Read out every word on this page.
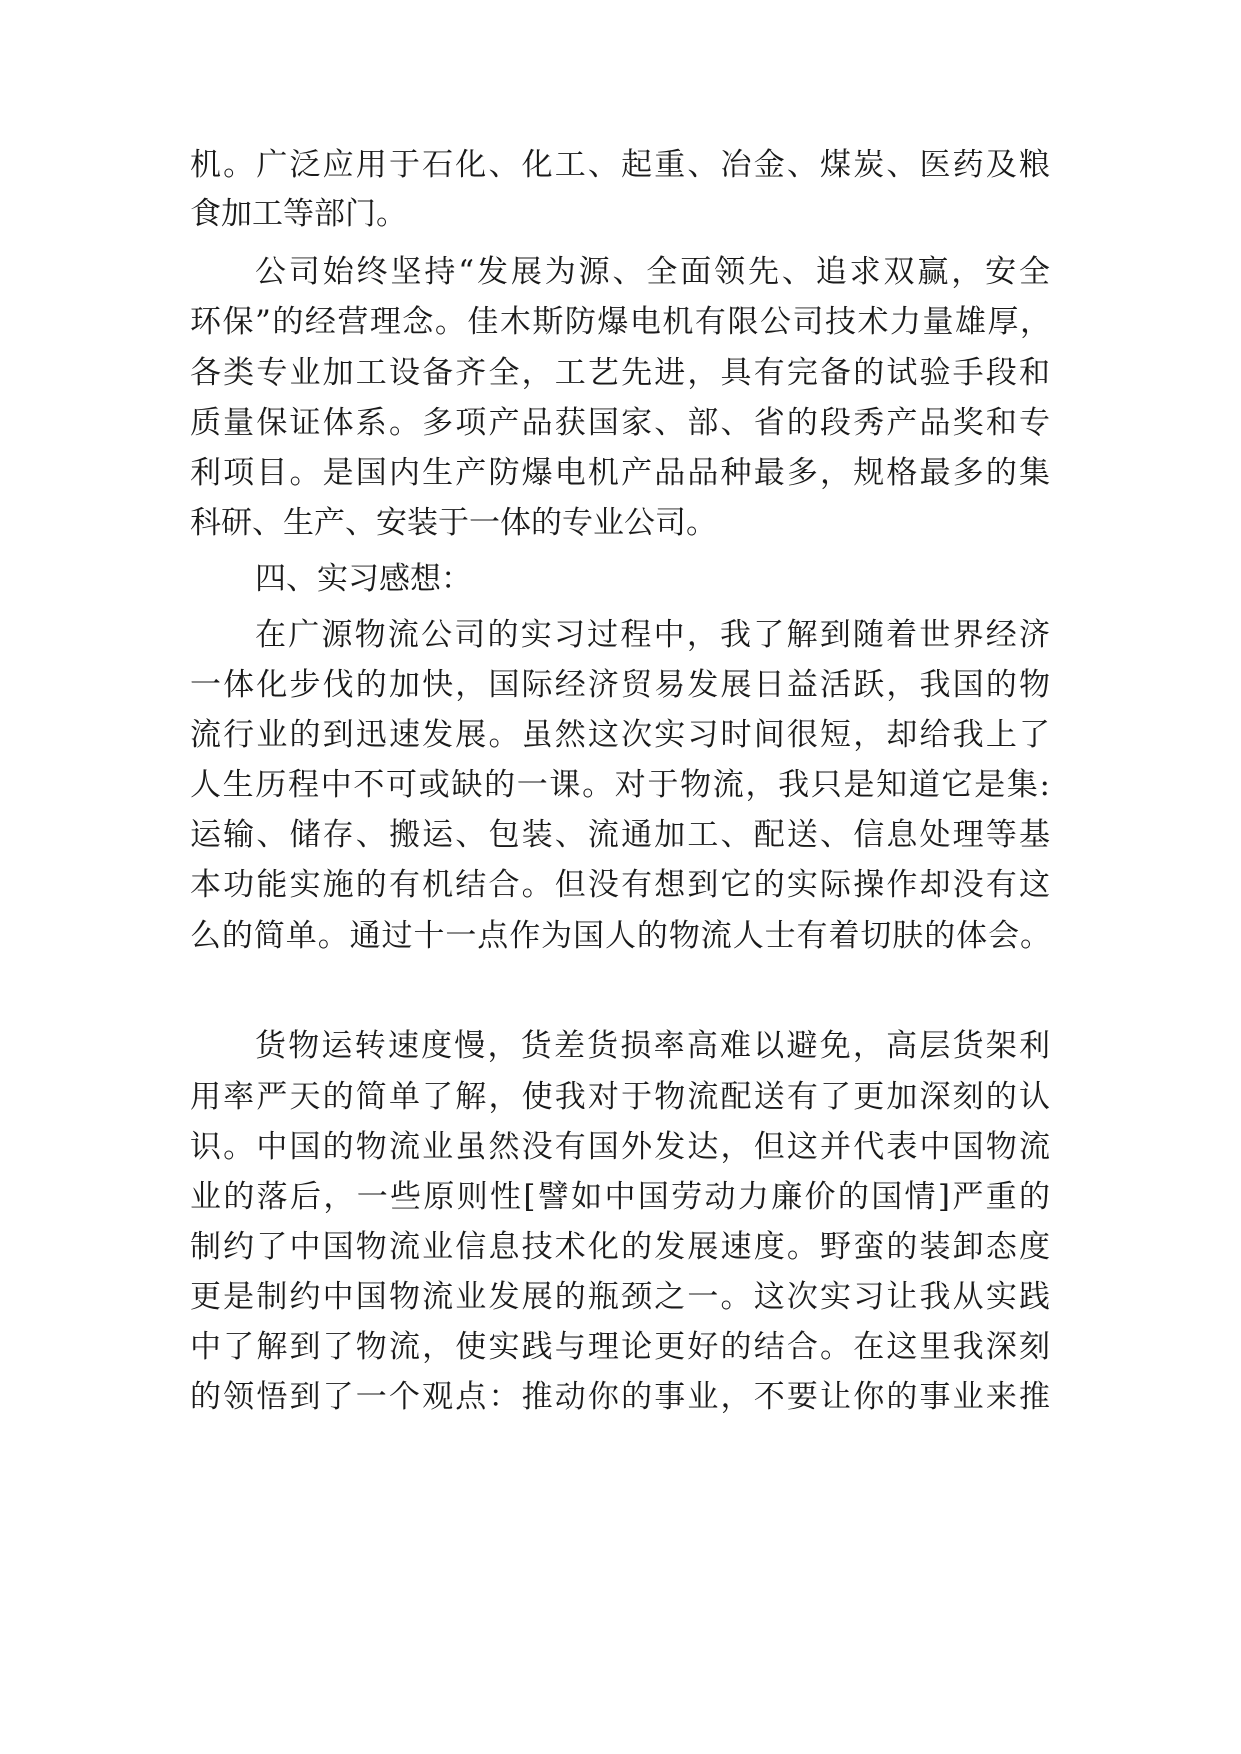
机。广泛应用于石化、化工、起重、冶金、煤炭、医药及粮
食加工等部门。
公司始终坚持“发展为源、全面领先、追求双赢，安全
环保”的经营理念。佳木斯防爆电机有限公司技术力量雄厚，
各类专业加工设备齐全，工艺先进，具有完备的试验手段和
质量保证体系。多项产品获国家、部、省的段秀产品奖和专
利项目。是国内生产防爆电机产品品种最多，规格最多的集
科研、生产、安装于一体的专业公司。
四、实习感想：
在广源物流公司的实习过程中，我了解到随着世界经济
一体化步伐的加快，国际经济贸易发展日益活跃，我国的物
流行业的到迅速发展。虽然这次实习时间很短，却给我上了
人生历程中不可或缺的一课。对于物流，我只是知道它是集:
运输、储存、搬运、包装、流通加工、配送、信息处理等基
本功能实施的有机结合。但没有想到它的实际操作却没有这
么的简单。通过十一点作为国人的物流人士有着切肤的体会。
货物运转速度慢，货差货损率高难以避免，高层货架利
用率严天的简单了解，使我对于物流配送有了更加深刻的认
识。中国的物流业虽然没有国外发达，但这并代表中国物流
业的落后，一些原则性[譬如中国劳动力廉价的国情]严重的
制约了中国物流业信息技术化的发展速度。野蛮的装卸态度
更是制约中国物流业发展的瓶颈之一。这次实习让我从实践
中了解到了物流，使实践与理论更好的结合。在这里我深刻
的领悟到了一个观点：推动你的事业，不要让你的事业来推
